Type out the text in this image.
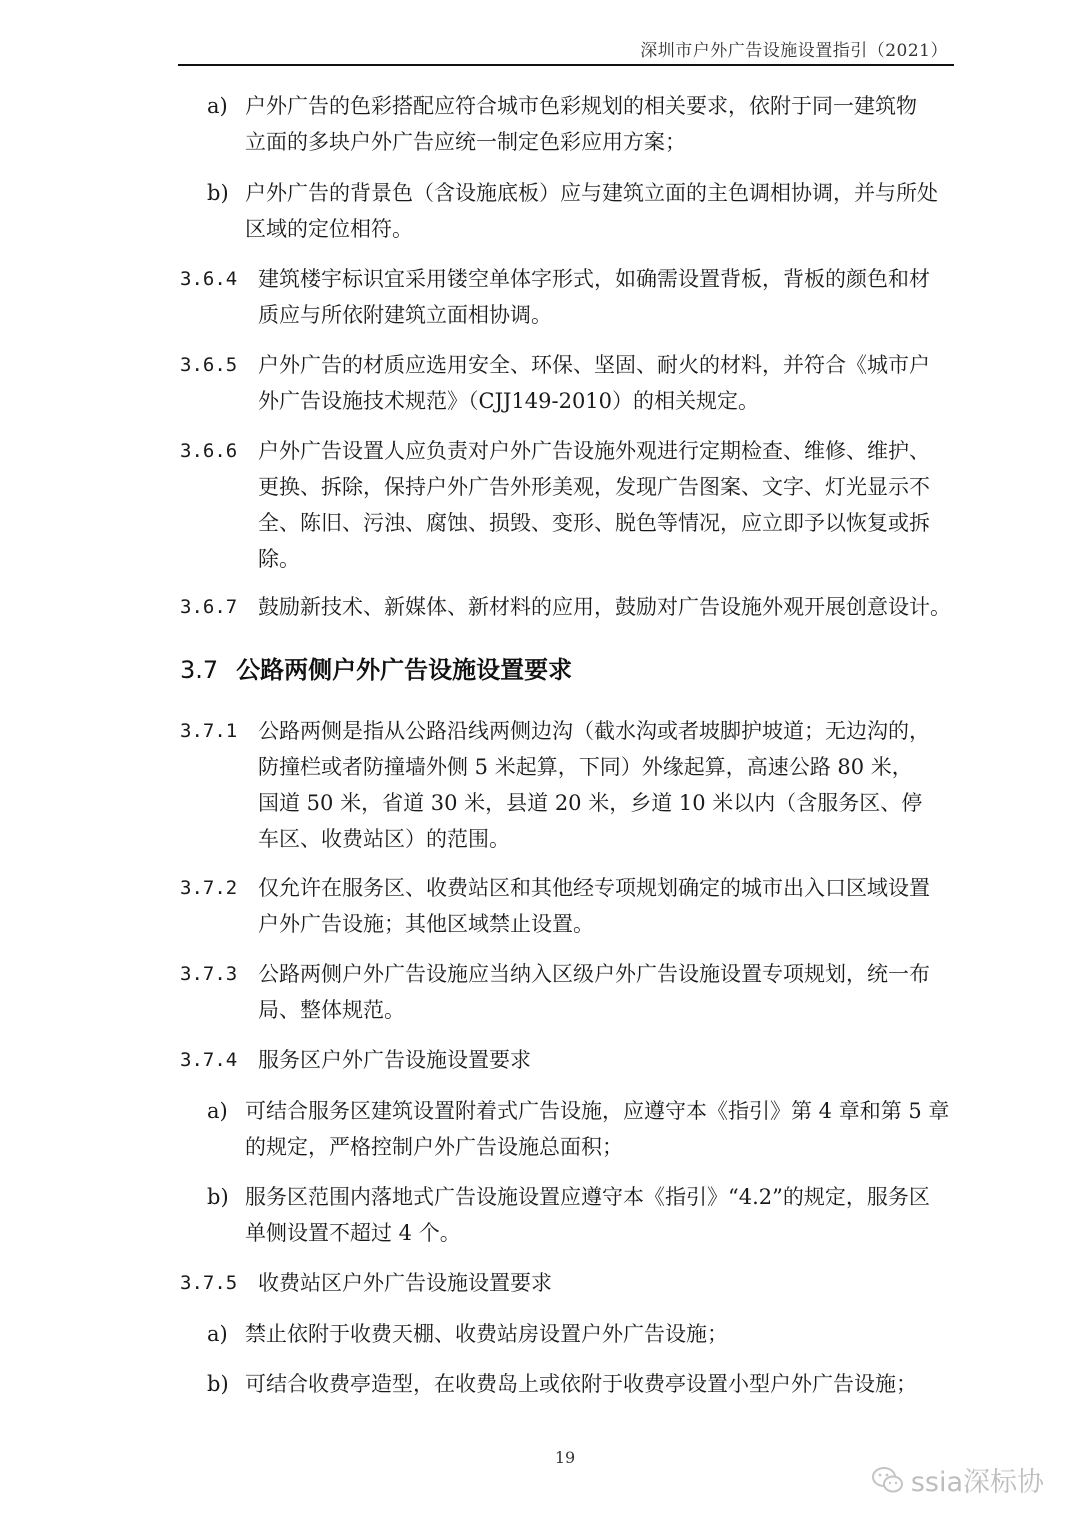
深圳市户外广告设施设置指引（2021）
a) 户外广告的色彩搭配应符合城市色彩规划的相关要求，依附于同一建筑物
立面的多块户外广告应统一制定色彩应用方案；
b) 户外广告的背景色（含设施底板）应与建筑立面的主色调相协调，并与所处
区域的定位相符。
3.6.4 建筑楼宇标识宜采用镂空单体字形式，如确需设置背板，背板的颜色和材
质应与所依附建筑立面相协调。
3.6.5 户外广告的材质应选用安全、环保、坚固、耐火的材料，并符合《城市户
外广告设施技术规范》（CJJ149-2010）的相关规定。
3.6.6 户外广告设置人应负责对户外广告设施外观进行定期检查、维修、维护、
更换、拆除，保持户外广告外形美观，发现广告图案、文字、灯光显示不
全、陈旧、污浊、腐蚀、损毁、变形、脱色等情况，应立即予以恢复或拆
除。
3.6.7 鼓励新技术、新媒体、新材料的应用，鼓励对广告设施外观开展创意设计。
3.7 公路两侧户外广告设施设置要求
3.7.1 公路两侧是指从公路沿线两侧边沟（截水沟或者坡脚护坡道；无边沟的，
防撞栏或者防撞墙外侧 5 米起算，下同）外缘起算，高速公路 80 米，
国道 50 米，省道 30 米，县道 20 米，乡道 10 米以内（含服务区、停
车区、收费站区）的范围。
3.7.2 仅允许在服务区、收费站区和其他经专项规划确定的城市出入口区域设置
户外广告设施；其他区域禁止设置。
3.7.3 公路两侧户外广告设施应当纳入区级户外广告设施设置专项规划，统一布
局、整体规范。
3.7.4 服务区户外广告设施设置要求
a) 可结合服务区建筑设置附着式广告设施，应遵守本《指引》第 4 章和第 5 章
的规定，严格控制户外广告设施总面积；
b) 服务区范围内落地式广告设施设置应遵守本《指引》“4.2”的规定，服务区
单侧设置不超过 4 个。
3.7.5 收费站区户外广告设施设置要求
a) 禁止依附于收费天棚、收费站房设置户外广告设施；
b) 可结合收费亭造型，在收费岛上或依附于收费亭设置小型户外广告设施；
19
ssia深标协
